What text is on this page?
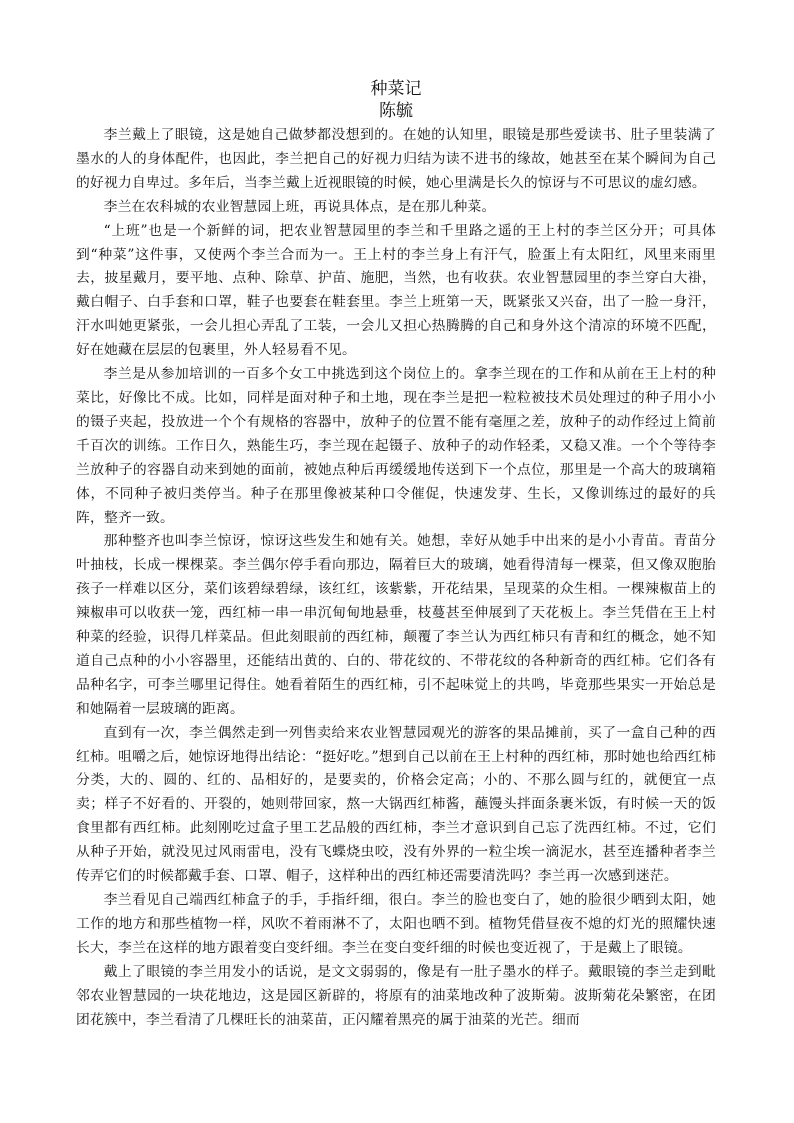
种菜记
陈毓

李兰戴上了眼镜，这是她自己做梦都没想到的。在她的认知里，眼镜是那些爱读书、肚子里装满了墨水的人的身体配件，也因此，李兰把自己的好视力归结为读不进书的缘故，她甚至在某个瞬间为自己的好视力自卑过。多年后，当李兰戴上近视眼镜的时候，她心里满是长久的惊讶与不可思议的虚幻感。

李兰在农科城的农业智慧园上班，再说具体点，是在那儿种菜。

“上班”也是一个新鲜的词，把农业智慧园里的李兰和千里路之遥的王上村的李兰区分开；可具体到“种菜”这件事，又使两个李兰合而为一。王上村的李兰身上有汗气，脸蛋上有太阳红，风里来雨里去，披星戴月，要平地、点种、除草、护苗、施肥，当然，也有收获。农业智慧园里的李兰穿白大褂，戴白帽子、白手套和口罩，鞋子也要套在鞋套里。李兰上班第一天，既紧张又兴奋，出了一脸一身汗，汗水叫她更紧张，一会儿担心弄乱了工装，一会儿又担心热腾腾的自己和身外这个清凉的环境不匹配，好在她藏在层层的包裹里，外人轻易看不见。

李兰是从参加培训的一百多个女工中挑选到这个岗位上的。拿李兰现在的工作和从前在王上村的种菜比，好像比不成。比如，同样是面对种子和土地，现在李兰是把一粒粒被技术员处理过的种子用小小的镊子夹起，投放进一个个有规格的容器中，放种子的位置不能有毫厘之差，放种子的动作经过上简前千百次的训练。工作日久，熟能生巧，李兰现在起镊子、放种子的动作轻柔，又稳又准。一个个等待李兰放种子的容器自动来到她的面前，被她点种后再缓缓地传送到下一个点位，那里是一个高大的玻璃箱体，不同种子被归类停当。种子在那里像被某种口令催促，快速发芽、生长，又像训练过的最好的兵阵，整齐一致。

那种整齐也叫李兰惊讶，惊讶这些发生和她有关。她想，幸好从她手中出来的是小小青苗。青苗分叶抽枝，长成一棵棵菜。李兰偶尔停手看向那边，隔着巨大的玻璃，她看得清每一棵菜，但又像双胞胎孩子一样难以区分，菜们该碧绿碧绿，该红红，该紫紫，开花结果，呈现菜的众生相。一棵辣椒苗上的辣椒串可以收获一笼，西红柿一串一串沉甸甸地悬垂，枝蔓甚至伸展到了天花板上。李兰凭借在王上村种菜的经验，识得几样菜品。但此刻眼前的西红柿，颠覆了李兰认为西红柿只有青和红的概念，她不知道自己点种的小小容器里，还能结出黄的、白的、带花纹的、不带花纹的各种新奇的西红柿。它们各有品种名字，可李兰哪里记得住。她看着陌生的西红柿，引不起味觉上的共鸣，毕竟那些果实一开始总是和她隔着一层玻璃的距离。

直到有一次，李兰偶然走到一列售卖给来农业智慧园观光的游客的果品摊前，买了一盒自己种的西红柿。咀嚼之后，她惊讶地得出结论：“挺好吃。”想到自己以前在王上村种的西红柿，那时她也给西红柿分类，大的、圆的、红的、品相好的，是要卖的，价格会定高；小的、不那么圆与红的，就便宜一点卖；样子不好看的、开裂的，她则带回家，熬一大锅西红柿酱，蘸馒头拌面条裹米饭，有时候一天的饭食里都有西红柿。此刻刚吃过盒子里工艺品般的西红柿，李兰才意识到自己忘了洗西红柿。不过，它们从种子开始，就没见过风雨雷电，没有飞蝶烧虫咬，没有外界的一粒尘埃一滴泥水，甚至连播种者李兰传弄它们的时候都戴手套、口罩、帽子，这样种出的西红柿还需要清洗吗？李兰再一次感到迷茫。

李兰看见自己端西红柿盒子的手，手指纤细，很白。李兰的脸也变白了，她的脸很少晒到太阳，她工作的地方和那些植物一样，风吹不着雨淋不了，太阳也晒不到。植物凭借昼夜不熄的灯光的照耀快速长大，李兰在这样的地方跟着变白变纤细。李兰在变白变纤细的时候也变近视了，于是戴上了眼镜。

戴上了眼镜的李兰用发小的话说，是文文弱弱的，像是有一肚子墨水的样子。戴眼镜的李兰走到毗邻农业智慧园的一块花地边，这是园区新辟的，将原有的油菜地改种了波斯菊。波斯菊花朵繁密，在团团花簇中，李兰看清了几棵旺长的油菜苗，正闪耀着黑亮的属于油菜的光芒。细而
